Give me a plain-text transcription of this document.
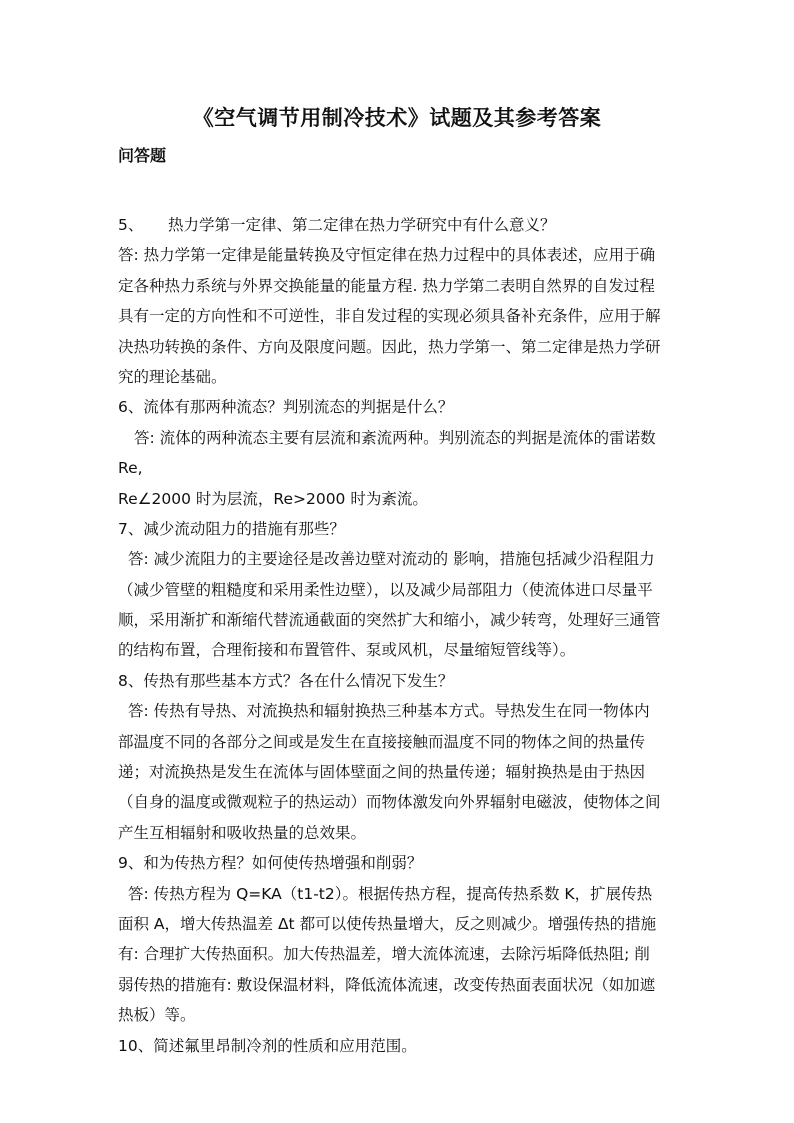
《空气调节用制冷技术》试题及其参考答案
问答题
5、 热力学第一定律、第二定律在热力学研究中有什么意义？
答: 热力学第一定律是能量转换及守恒定律在热力过程中的具体表述，应用于确
定各种热力系统与外界交换能量的能量方程. 热力学第二表明自然界的自发过程
具有一定的方向性和不可逆性，非自发过程的实现必须具备补充条件，应用于解
决热功转换的条件、方向及限度问题。因此，热力学第一、第二定律是热力学研
究的理论基础。
6、流体有那两种流态？判别流态的判据是什么？
答: 流体的两种流态主要有层流和紊流两种。判别流态的判据是流体的雷诺数
Re,
Re∠2000 时为层流，Re>2000 时为紊流。
7、减少流动阻力的措施有那些？
答: 减少流阻力的主要途径是改善边壁对流动的 影响，措施包括减少沿程阻力
（减少管壁的粗糙度和采用柔性边壁），以及减少局部阻力（使流体进口尽量平
顺，采用渐扩和渐缩代替流通截面的突然扩大和缩小，减少转弯，处理好三通管
的结构布置，合理衔接和布置管件、泵或风机，尽量缩短管线等）。
8、传热有那些基本方式？各在什么情况下发生？
答: 传热有导热、对流换热和辐射换热三种基本方式。导热发生在同一物体内
部温度不同的各部分之间或是发生在直接接触而温度不同的物体之间的热量传
递；对流换热是发生在流体与固体壁面之间的热量传递；辐射换热是由于热因
（自身的温度或微观粒子的热运动）而物体激发向外界辐射电磁波，使物体之间
产生互相辐射和吸收热量的总效果。
9、和为传热方程？如何使传热增强和削弱？
答: 传热方程为 Q=KA（t1-t2）。根据传热方程，提高传热系数 K，扩展传热
面积 A，增大传热温差 Δt 都可以使传热量增大，反之则减少。增强传热的措施
有: 合理扩大传热面积。加大传热温差，增大流体流速，去除污垢降低热阻; 削
弱传热的措施有: 敷设保温材料，降低流体流速，改变传热面表面状况（如加遮
热板）等。
10、简述氟里昂制冷剂的性质和应用范围。
